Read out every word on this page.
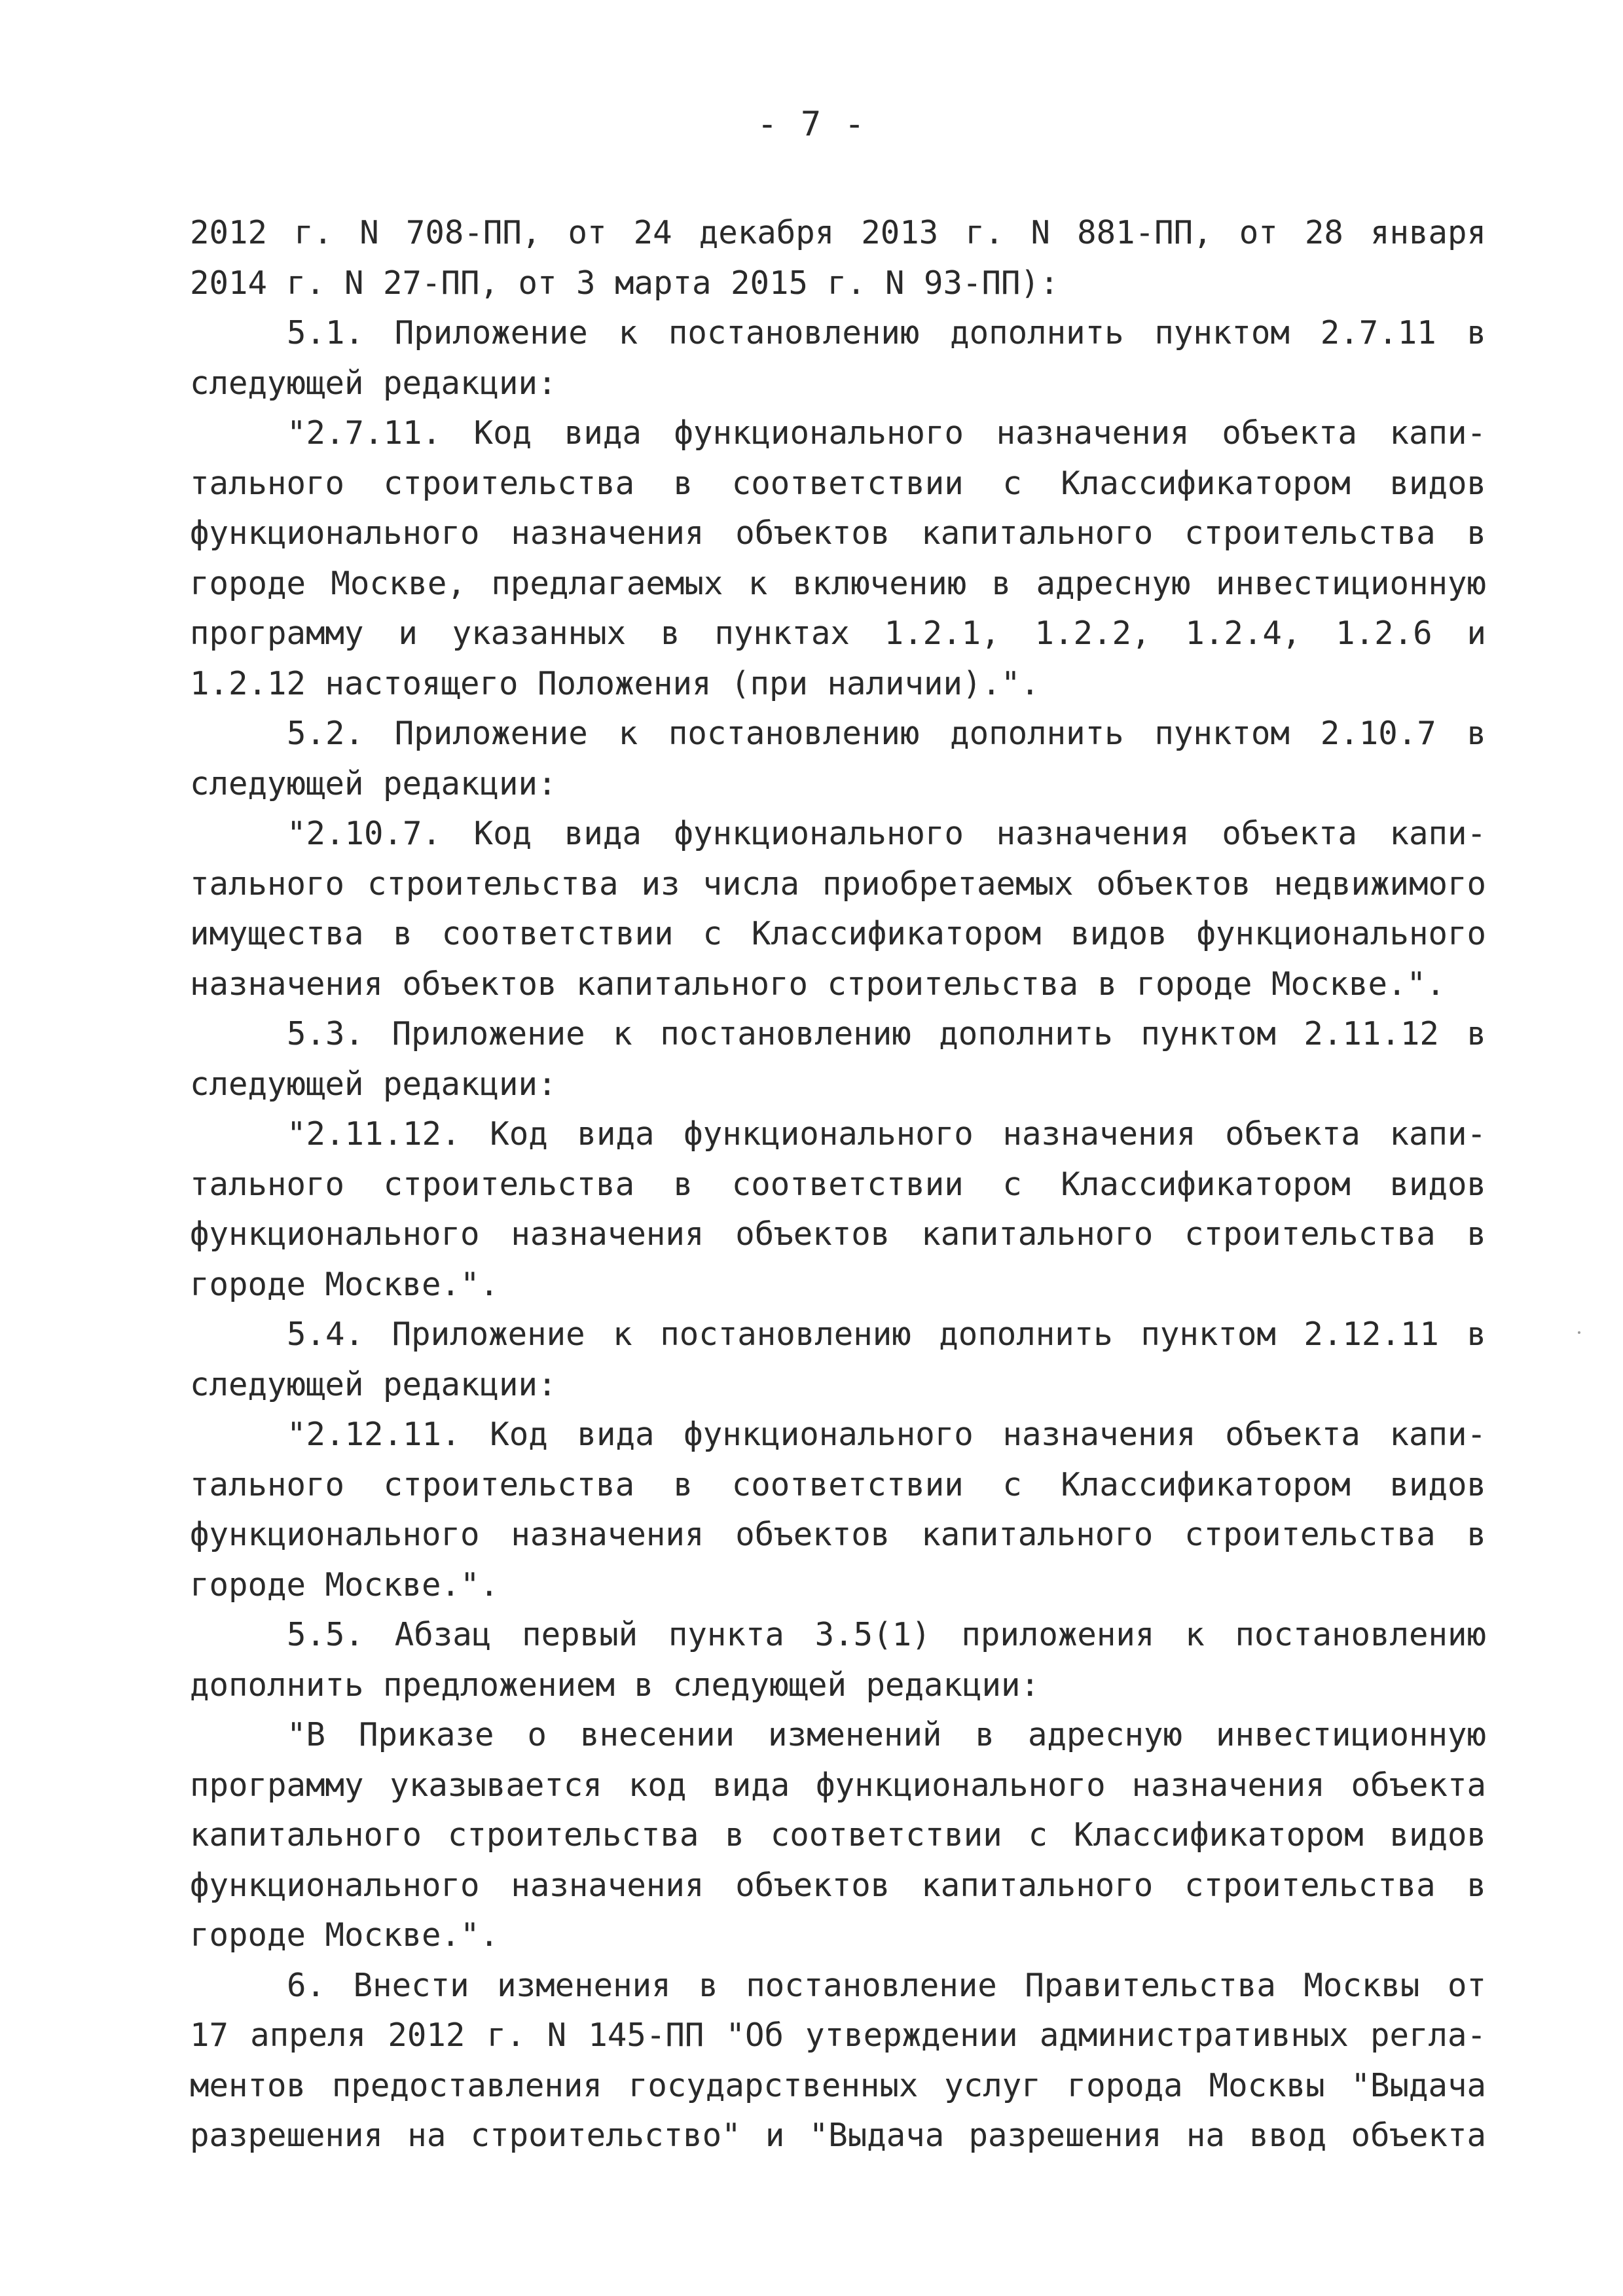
- 7 -
2012 г. N 708-ПП, от 24 декабря 2013 г. N 881-ПП, от 28 января
2014 г. N 27-ПП, от 3 марта 2015 г. N 93-ПП):
5.1. Приложение к постановлению дополнить пунктом 2.7.11 в
следующей редакции:
"2.7.11. Код вида функционального назначения объекта капи-
тального строительства в соответствии с Классификатором видов
функционального назначения объектов капитального строительства в
городе Москве, предлагаемых к включению в адресную инвестиционную
программу и указанных в пунктах 1.2.1, 1.2.2, 1.2.4, 1.2.6 и
1.2.12 настоящего Положения (при наличии).".
5.2. Приложение к постановлению дополнить пунктом 2.10.7 в
следующей редакции:
"2.10.7. Код вида функционального назначения объекта капи-
тального строительства из числа приобретаемых объектов недвижимого
имущества в соответствии с Классификатором видов функционального
назначения объектов капитального строительства в городе Москве.".
5.3. Приложение к постановлению дополнить пунктом 2.11.12 в
следующей редакции:
"2.11.12. Код вида функционального назначения объекта капи-
тального строительства в соответствии с Классификатором видов
функционального назначения объектов капитального строительства в
городе Москве.".
5.4. Приложение к постановлению дополнить пунктом 2.12.11 в
следующей редакции:
"2.12.11. Код вида функционального назначения объекта капи-
тального строительства в соответствии с Классификатором видов
функционального назначения объектов капитального строительства в
городе Москве.".
5.5. Абзац первый пункта 3.5(1) приложения к постановлению
дополнить предложением в следующей редакции:
"В Приказе о внесении изменений в адресную инвестиционную
программу указывается код вида функционального назначения объекта
капитального строительства в соответствии с Классификатором видов
функционального назначения объектов капитального строительства в
городе Москве.".
6. Внести изменения в постановление Правительства Москвы от
17 апреля 2012 г. N 145-ПП "Об утверждении административных регла-
ментов предоставления государственных услуг города Москвы "Выдача
разрешения на строительство" и "Выдача разрешения на ввод объекта
